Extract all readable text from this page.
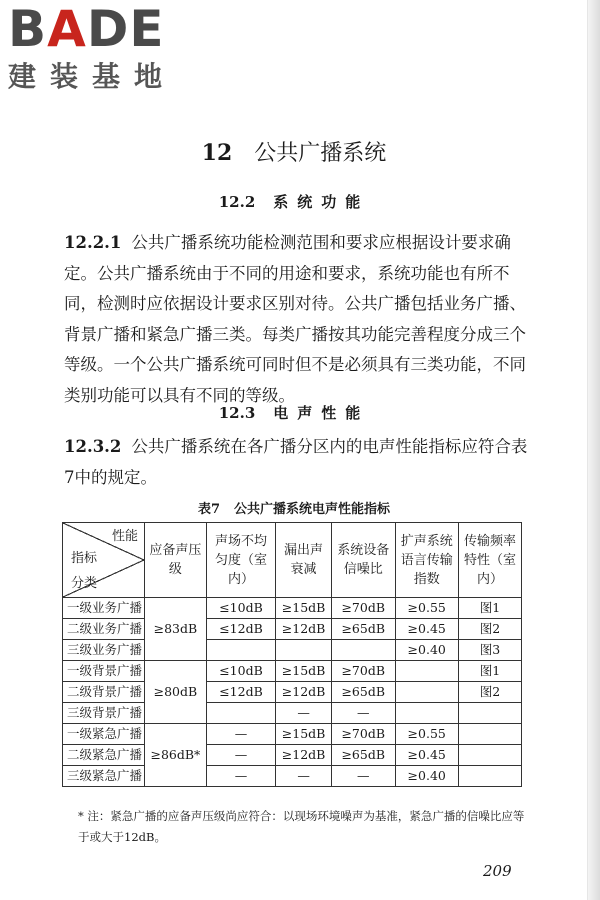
BADE
建装基地
12 公共广播系统
12.2 系统功能
12.2.1 公共广播系统功能检测范围和要求应根据设计要求确定。公共广播系统由于不同的用途和要求，系统功能也有所不同，检测时应依据设计要求区别对待。公共广播包括业务广播、背景广播和紧急广播三类。每类广播按其功能完善程度分成三个等级。一个公共广播系统可同时但不是必须具有三类功能，不同类别功能可以具有不同的等级。
12.3 电声性能
12.3.2 公共广播系统在各广播分区内的电声性能指标应符合表7中的规定。
表7 公共广播系统电声性能指标
性能
指标
分类	应备声压级	声场不均匀度（室内）	漏出声衰减	系统设备信噪比	扩声系统语言传输指数	传输频率特性（室内）
一级业务广播	≥83dB	≤10dB	≥15dB	≥70dB	≥0.55	图1
二级业务广播		≤12dB	≥12dB	≥65dB	≥0.45	图2
三级业务广播					≥0.40	图3
一级背景广播	≥80dB	≤10dB	≥15dB	≥70dB		图1
二级背景广播		≤12dB	≥12dB	≥65dB		图2
三级背景广播			—	—		
一级紧急广播	≥86dB*	—	≥15dB	≥70dB	≥0.55	
二级紧急广播		—	≥12dB	≥65dB	≥0.45	
三级紧急广播		—	—	—	≥0.40	
* 注：紧急广播的应备声压级尚应符合：以现场环境噪声为基准，紧急广播的信噪比应等于或大于12dB。
209
